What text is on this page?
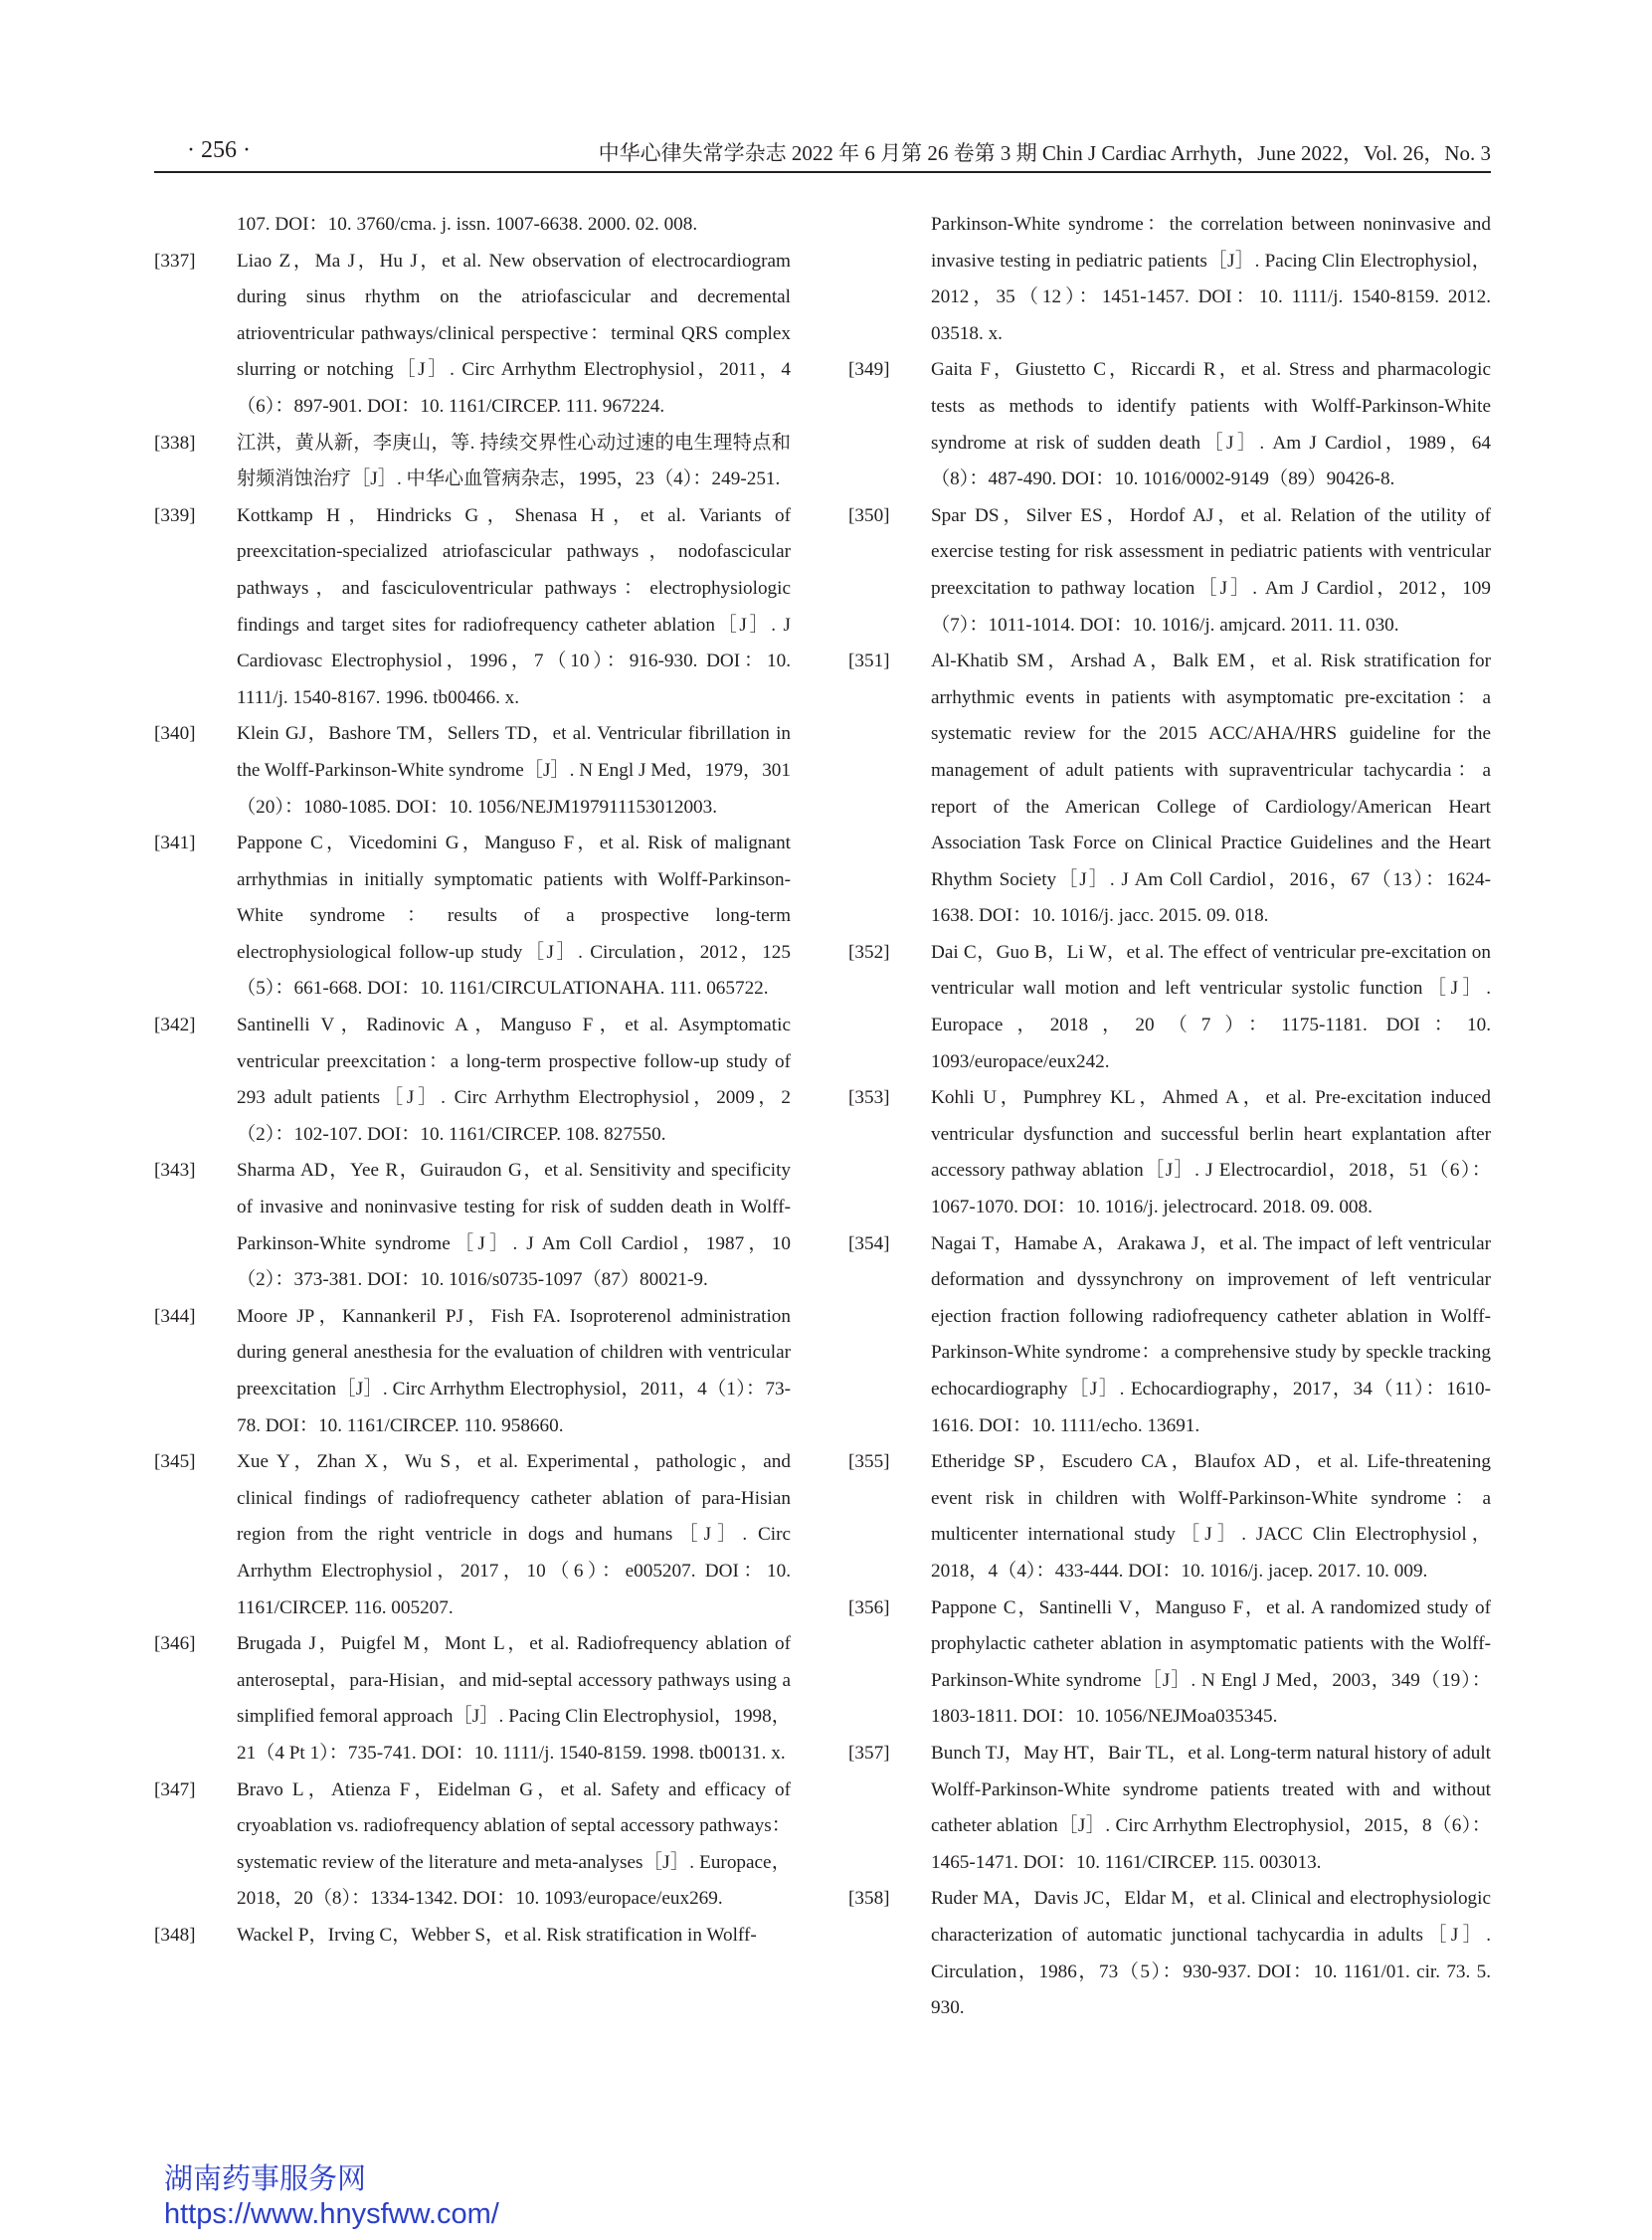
· 256 ·	中华心律失常学杂志 2022 年 6 月第 26 卷第 3 期 Chin J Cardiac Arrhyth，June 2022，Vol. 26，No. 3
107. DOI：10. 3760/cma. j. issn. 1007-6638. 2000. 02. 008.
[337] Liao Z，Ma J，Hu J，et al. New observation of electrocardiogram during sinus rhythm on the atriofascicular and decremental atrioventricular pathways/clinical perspective：terminal QRS complex slurring or notching［J］. Circ Arrhythm Electrophysiol，2011，4（6）：897-901. DOI：10. 1161/CIRCEP. 111. 967224.
[338] 江洪，黄从新，李庚山，等. 持续交界性心动过速的电生理特点和射频消蚀治疗［J］. 中华心血管病杂志，1995，23（4）：249-251.
[339] Kottkamp H，Hindricks G，Shenasa H，et al. Variants of preexcitation-specialized atriofascicular pathways，nodofascicular pathways，and fasciculoventricular pathways：electrophysiologic findings and target sites for radiofrequency catheter ablation［J］. J Cardiovasc Electrophysiol，1996，7（10）：916-930. DOI：10. 1111/j. 1540-8167. 1996. tb00466. x.
[340] Klein GJ，Bashore TM，Sellers TD，et al. Ventricular fibrillation in the Wolff-Parkinson-White syndrome［J］. N Engl J Med，1979，301（20）：1080-1085. DOI：10. 1056/NEJM197911153012003.
[341] Pappone C，Vicedomini G，Manguso F，et al. Risk of malignant arrhythmias in initially symptomatic patients with Wolff-Parkinson-White syndrome：results of a prospective long-term electrophysiological follow-up study［J］. Circulation，2012，125（5）：661-668. DOI：10. 1161/CIRCULATIONAHA. 111. 065722.
[342] Santinelli V，Radinovic A，Manguso F，et al. Asymptomatic ventricular preexcitation：a long-term prospective follow-up study of 293 adult patients［J］. Circ Arrhythm Electrophysiol，2009，2（2）：102-107. DOI：10. 1161/CIRCEP. 108. 827550.
[343] Sharma AD，Yee R，Guiraudon G，et al. Sensitivity and specificity of invasive and noninvasive testing for risk of sudden death in Wolff-Parkinson-White syndrome［J］. J Am Coll Cardiol，1987，10（2）：373-381. DOI：10. 1016/s0735-1097（87）80021-9.
[344] Moore JP，Kannankeril PJ，Fish FA. Isoproterenol administration during general anesthesia for the evaluation of children with ventricular preexcitation［J］. Circ Arrhythm Electrophysiol，2011，4（1）：73-78. DOI：10. 1161/CIRCEP. 110. 958660.
[345] Xue Y，Zhan X，Wu S，et al. Experimental，pathologic，and clinical findings of radiofrequency catheter ablation of para-Hisian region from the right ventricle in dogs and humans［J］. Circ Arrhythm Electrophysiol，2017，10（6）：e005207. DOI：10. 1161/CIRCEP. 116. 005207.
[346] Brugada J，Puigfel M，Mont L，et al. Radiofrequency ablation of anteroseptal，para-Hisian，and mid-septal accessory pathways using a simplified femoral approach［J］. Pacing Clin Electrophysiol，1998，21（4 Pt 1）：735-741. DOI：10. 1111/j. 1540-8159. 1998. tb00131. x.
[347] Bravo L，Atienza F，Eidelman G，et al. Safety and efficacy of cryoablation vs. radiofrequency ablation of septal accessory pathways：systematic review of the literature and meta-analyses［J］. Europace，2018，20（8）：1334-1342. DOI：10. 1093/europace/eux269.
[348] Wackel P，Irving C，Webber S，et al. Risk stratification in Wolff-
Parkinson-White syndrome：the correlation between noninvasive and invasive testing in pediatric patients［J］. Pacing Clin Electrophysiol，2012，35（12）：1451-1457. DOI：10. 1111/j. 1540-8159. 2012. 03518. x.
[349] Gaita F，Giustetto C，Riccardi R，et al. Stress and pharmacologic tests as methods to identify patients with Wolff-Parkinson-White syndrome at risk of sudden death［J］. Am J Cardiol，1989，64（8）：487-490. DOI：10. 1016/0002-9149（89）90426-8.
[350] Spar DS，Silver ES，Hordof AJ，et al. Relation of the utility of exercise testing for risk assessment in pediatric patients with ventricular preexcitation to pathway location［J］. Am J Cardiol，2012，109（7）：1011-1014. DOI：10. 1016/j. amjcard. 2011. 11. 030.
[351] Al-Khatib SM，Arshad A，Balk EM，et al. Risk stratification for arrhythmic events in patients with asymptomatic pre-excitation：a systematic review for the 2015 ACC/AHA/HRS guideline for the management of adult patients with supraventricular tachycardia：a report of the American College of Cardiology/American Heart Association Task Force on Clinical Practice Guidelines and the Heart Rhythm Society［J］. J Am Coll Cardiol，2016，67（13）：1624-1638. DOI：10. 1016/j. jacc. 2015. 09. 018.
[352] Dai C，Guo B，Li W，et al. The effect of ventricular pre-excitation on ventricular wall motion and left ventricular systolic function［J］. Europace，2018，20（7）：1175-1181. DOI：10. 1093/europace/eux242.
[353] Kohli U，Pumphrey KL，Ahmed A，et al. Pre-excitation induced ventricular dysfunction and successful berlin heart explantation after accessory pathway ablation［J］. J Electrocardiol，2018，51（6）：1067-1070. DOI：10. 1016/j. jelectrocard. 2018. 09. 008.
[354] Nagai T，Hamabe A，Arakawa J，et al. The impact of left ventricular deformation and dyssynchrony on improvement of left ventricular ejection fraction following radiofrequency catheter ablation in Wolff-Parkinson-White syndrome：a comprehensive study by speckle tracking echocardiography［J］. Echocardiography，2017，34（11）：1610-1616. DOI：10. 1111/echo. 13691.
[355] Etheridge SP，Escudero CA，Blaufox AD，et al. Life-threatening event risk in children with Wolff-Parkinson-White syndrome：a multicenter international study［J］. JACC Clin Electrophysiol，2018，4（4）：433-444. DOI：10. 1016/j. jacep. 2017. 10. 009.
[356] Pappone C，Santinelli V，Manguso F，et al. A randomized study of prophylactic catheter ablation in asymptomatic patients with the Wolff-Parkinson-White syndrome［J］. N Engl J Med，2003，349（19）：1803-1811. DOI：10. 1056/NEJMoa035345.
[357] Bunch TJ，May HT，Bair TL，et al. Long-term natural history of adult Wolff-Parkinson-White syndrome patients treated with and without catheter ablation［J］. Circ Arrhythm Electrophysiol，2015，8（6）：1465-1471. DOI：10. 1161/CIRCEP. 115. 003013.
[358] Ruder MA，Davis JC，Eldar M，et al. Clinical and electrophysiologic characterization of automatic junctional tachycardia in adults［J］. Circulation，1986，73（5）：930-937. DOI：10. 1161/01. cir. 73. 5. 930.
湖南药事服务网
https://www.hnysfww.com/
